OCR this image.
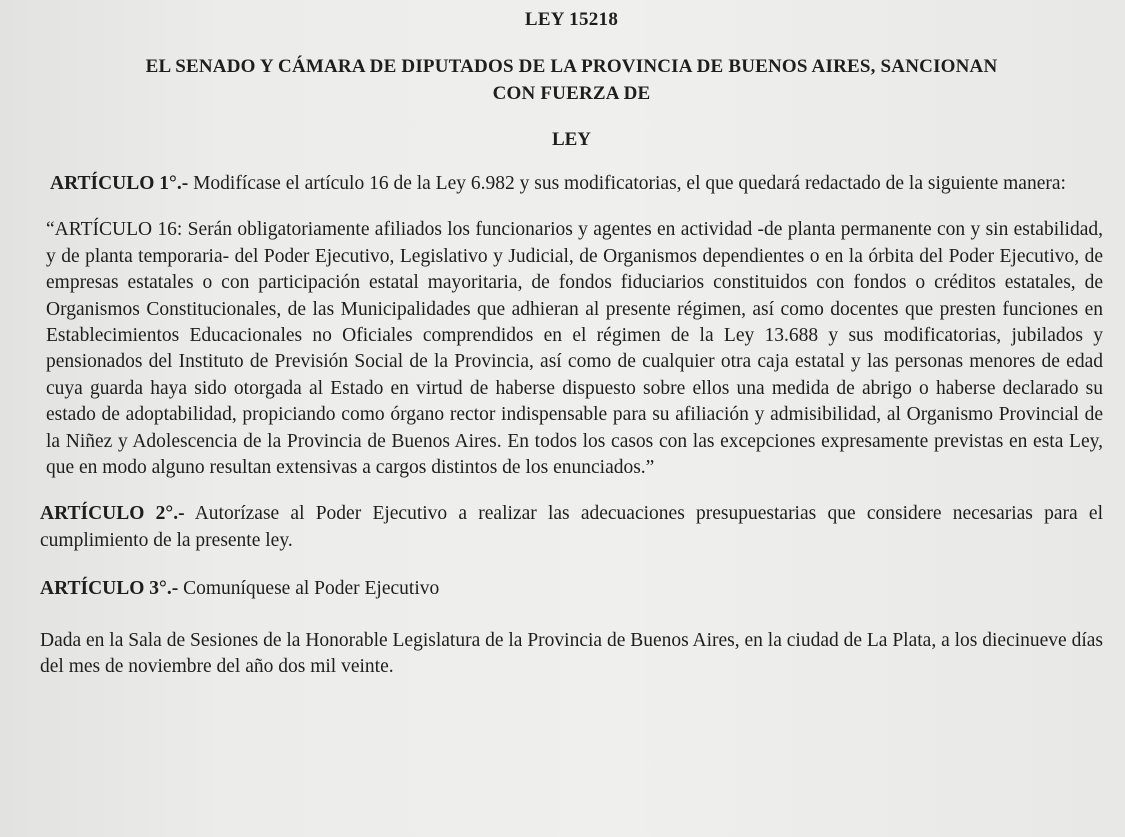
LEY 15218

EL SENADO Y CÁMARA DE DIPUTADOS DE LA PROVINCIA DE BUENOS AIRES, SANCIONAN CON FUERZA DE

LEY

ARTÍCULO 1°.- Modifícase el artículo 16 de la Ley 6.982 y sus modificatorias, el que quedará redactado de la siguiente manera:

“ARTÍCULO 16: Serán obligatoriamente afiliados los funcionarios y agentes en actividad -de planta permanente con y sin estabilidad, y de planta temporaria- del Poder Ejecutivo, Legislativo y Judicial, de Organismos dependientes o en la órbita del Poder Ejecutivo, de empresas estatales o con participación estatal mayoritaria, de fondos fiduciarios constituidos con fondos o créditos estatales, de Organismos Constitucionales, de las Municipalidades que adhieran al presente régimen, así como docentes que presten funciones en Establecimientos Educacionales no Oficiales comprendidos en el régimen de la Ley 13.688 y sus modificatorias, jubilados y pensionados del Instituto de Previsión Social de la Provincia, así como de cualquier otra caja estatal y las personas menores de edad cuya guarda haya sido otorgada al Estado en virtud de haberse dispuesto sobre ellos una medida de abrigo o haberse declarado su estado de adoptabilidad, propiciando como órgano rector indispensable para su afiliación y admisibilidad, al Organismo Provincial de la Niñez y Adolescencia de la Provincia de Buenos Aires. En todos los casos con las excepciones expresamente previstas en esta Ley, que en modo alguno resultan extensivas a cargos distintos de los enunciados.”

ARTÍCULO 2°.- Autorízase al Poder Ejecutivo a realizar las adecuaciones presupuestarias que considere necesarias para el cumplimiento de la presente ley.

ARTÍCULO 3°.- Comuníquese al Poder Ejecutivo

Dada en la Sala de Sesiones de la Honorable Legislatura de la Provincia de Buenos Aires, en la ciudad de La Plata, a los diecinueve días del mes de noviembre del año dos mil veinte.
